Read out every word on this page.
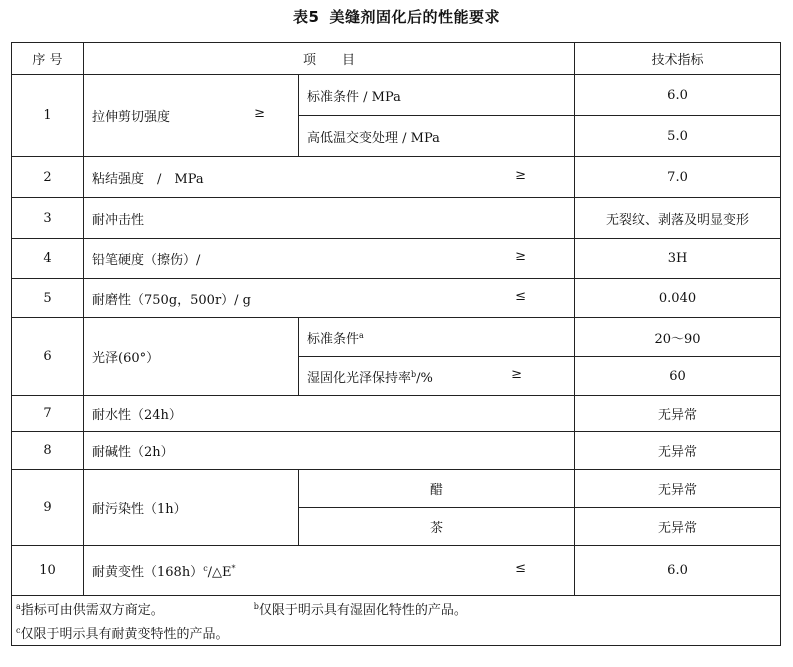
表5 美缝剂固化后的性能要求
序 号	项　　目		技术指标
1	拉伸剪切强度 ≥	标准条件 / MPa	6.0
		高低温交变处理 / MPa	5.0
2	粘结强度　/　MPa ≥		7.0
3	耐冲击性		无裂纹、剥落及明显变形
4	铅笔硬度（擦伤）/ ≥		3H
5	耐磨性（750g，500r）/ g ≤		0.040
6	光泽(60°）	标准条件$^a$	20～90
		湿固化光泽保持率$^b$/% ≥	60
7	耐水性（24h）		无异常
8	耐碱性（2h）		无异常
9	耐污染性（1h）	醋	无异常
		茶	无异常
10	耐黄变性$(168h)^c/\triangle E^*$ ≤		6.0
$^a$指标可由供需双方商定。 $^b$仅限于明示具有湿固化特性的产品。			
$^c$仅限于明示具有耐黄变特性的产品。			
